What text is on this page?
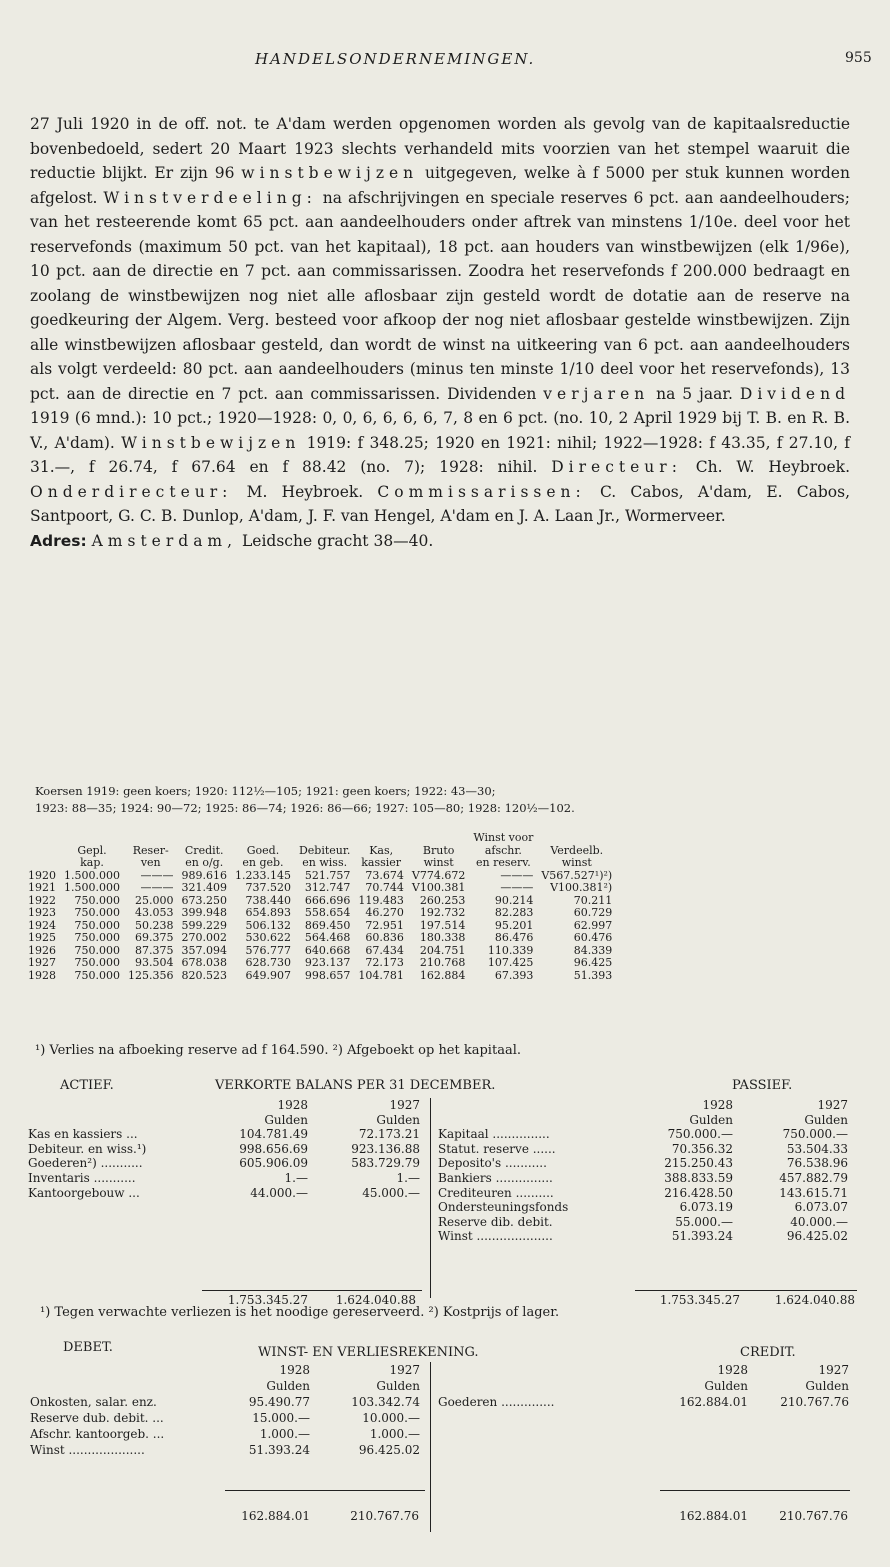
HANDELSONDERNEMINGEN.	955

27 Juli 1920 in de off. not. te A'dam werden opgenomen worden als gevolg van de kapitaalsreductie bovenbedoeld, sedert 20 Maart 1923 slechts verhandeld mits voorzien van het stempel waaruit die reductie blijkt. Er zijn 96 winstbewijzen uitgegeven, welke à f 5000 per stuk kunnen worden afgelost. Winstverdeeling: na afschrijvingen en speciale reserves 6 pct. aan aandeelhouders; van het resteerende komt 65 pct. aan aandeelhouders onder aftrek van minstens 1/10e. deel voor het reservefonds (maximum 50 pct. van het kapitaal), 18 pct. aan houders van winstbewijzen (elk 1/96e), 10 pct. aan de directie en 7 pct. aan commissarissen. Zoodra het reservefonds f 200.000 bedraagt en zoolang de winstbewijzen nog niet alle aflosbaar zijn gesteld wordt de dotatie aan de reserve na goedkeuring der Algem. Verg. besteed voor afkoop der nog niet aflosbaar gestelde winstbewijzen. Zijn alle winstbewijzen aflosbaar gesteld, dan wordt de winst na uitkeering van 6 pct. aan aandeelhouders als volgt verdeeld: 80 pct. aan aandeelhouders (minus ten minste 1/10 deel voor het reservefonds), 13 pct. aan de directie en 7 pct. aan commissarissen. Dividenden verjaren na 5 jaar. Dividend 1919 (6 mnd.): 10 pct.; 1920—1928: 0, 0, 6, 6, 6, 6, 7, 8 en 6 pct. (no. 10, 2 April 1929 bij T. B. en R. B. V., A'dam). Winstbewijzen 1919: f 348.25; 1920 en 1921: nihil; 1922—1928: f 43.35, f 27.10, f 31.—, f 26.74, f 67.64 en f 88.42 (no. 7); 1928: nihil. Directeur: Ch. W. Heybroek. Onderdirecteur: M. Heybroek. Commissarissen: C. Cabos, A'dam, E. Cabos, Santpoort, G. C. B. Dunlop, A'dam, J. F. van Hengel, A'dam en J. A. Laan Jr., Wormerveer.

Adres: Amsterdam, Leidsche gracht 38—40.

Koersen 1919: geen koers; 1920: 112½—105; 1921: geen koers; 1922: 43—30;

1923: 88—35; 1924: 90—72; 1925: 86—74; 1926: 86—66; 1927: 105—80; 1928: 120½—102.

								Winst voor	
	Gepl.	Reser-	Credit.	Goed.	Debiteur.	Kas,	Bruto	afschr.	Verdeelb.
	kap.	ven	en o/g.	en geb.	en wiss.	kassier	winst	en reserv.	winst
1920	1.500.000	———	989.616	1.233.145	521.757	73.674	V774.672	———	V567.527¹)²)
1921	1.500.000	———	321.409	737.520	312.747	70.744	V100.381	———	V100.381²)
1922	750.000	25.000	673.250	738.440	666.696	119.483	260.253	90.214	70.211
1923	750.000	43.053	399.948	654.893	558.654	46.270	192.732	82.283	60.729
1924	750.000	50.238	599.229	506.132	869.450	72.951	197.514	95.201	62.997
1925	750.000	69.375	270.002	530.622	564.468	60.836	180.338	86.476	60.476
1926	750.000	87.375	357.094	576.777	640.668	67.434	204.751	110.339	84.339
1927	750.000	93.504	678.038	628.730	923.137	72.173	210.768	107.425	96.425
1928	750.000	125.356	820.523	649.907	998.657	104.781	162.884	67.393	51.393
¹) Verlies na afboeking reserve ad f 164.590. ²) Afgeboekt op het kapitaal.
ACTIEF.	VERKORTE BALANS PER 31 DECEMBER.	PASSIEF.
1928	1927
Gulden	Gulden
Kas en kassiers ...	104.781.49	72.173.21
Debiteur. en wiss.¹)	998.656.69	923.136.88
Goederen²) ...........	605.906.09	583.729.79
Inventaris ...........	1.—	1.—
Kantoorgebouw ...	44.000.—	45.000.—
1928	1927
Gulden	Gulden
Kapitaal ...............	750.000.—	750.000.—
Statut. reserve ......	70.356.32	53.504.33
Deposito's ...........	215.250.43	76.538.96
Bankiers ...............	388.833.59	457.882.79
Crediteuren ..........	216.428.50	143.615.71
Ondersteuningsfonds	6.073.19	6.073.07
Reserve dib. debit.	55.000.—	40.000.—
Winst ....................	51.393.24	96.425.02
1.753.345.27	1.624.040.88	1.753.345.27	1.624.040.88
¹) Tegen verwachte verliezen is het noodige gereserveerd. ²) Kostprijs of lager.
DEBET.	WINST- EN VERLIESREKENING.	CREDIT.
1928	1927
Gulden	Gulden
Onkosten, salar. enz.	95.490.77	103.342.74
Reserve dub. debit. ...	15.000.—	10.000.—
Afschr. kantoorgeb. ...	1.000.—	1.000.—
Winst ....................	51.393.24	96.425.02
1928	1927
Gulden	Gulden
Goederen ..............	162.884.01	210.767.76
162.884.01	210.767.76	162.884.01	210.767.76
